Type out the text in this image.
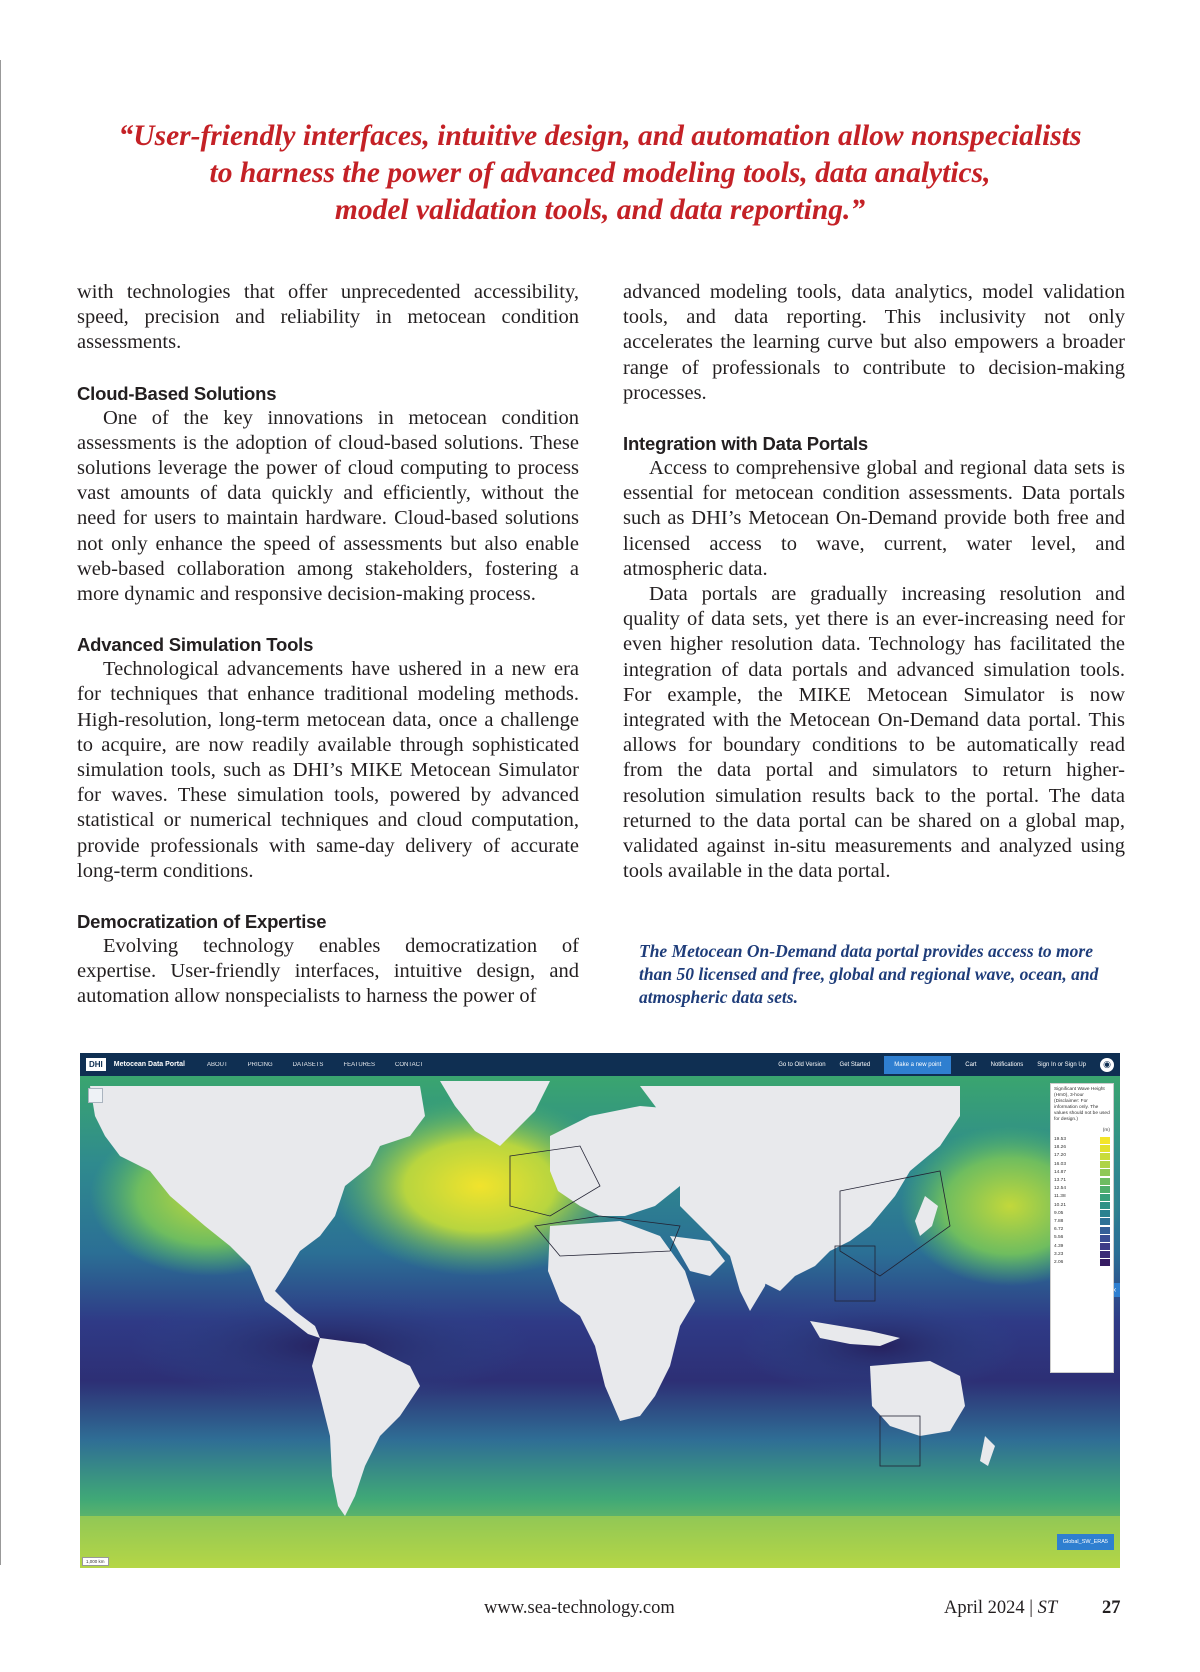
“User-friendly interfaces, intuitive design, and automation allow nonspecialists
to harness the power of advanced modeling tools, data analytics,
model validation tools, and data reporting.”

with technologies that offer unprecedented accessibility, speed, precision and reliability in metocean condition assessments.

Cloud-Based Solutions

One of the key innovations in metocean condition assessments is the adoption of cloud-based solutions. These solutions leverage the power of cloud computing to process vast amounts of data quickly and efficiently, without the need for users to maintain hardware. Cloud-based solutions not only enhance the speed of assessments but also enable web-based collaboration among stakeholders, fostering a more dynamic and responsive decision-making process.

Advanced Simulation Tools

Technological advancements have ushered in a new era for techniques that enhance traditional modeling methods. High-resolution, long-term metocean data, once a challenge to acquire, are now readily available through sophisticated simulation tools, such as DHI’s MIKE Metocean Simulator for waves. These simulation tools, powered by advanced statistical or numerical techniques and cloud computation, provide professionals with same-day delivery of accurate long-term conditions.

Democratization of Expertise

Evolving technology enables democratization of expertise. User-friendly interfaces, intuitive design, and automation allow nonspecialists to harness the power of

advanced modeling tools, data analytics, model validation tools, and data reporting. This inclusivity not only accelerates the learning curve but also empowers a broader range of professionals to contribute to decision-making processes.

Integration with Data Portals

Access to comprehensive global and regional data sets is essential for metocean condition assessments. Data portals such as DHI’s Metocean On-Demand provide both free and licensed access to wave, current, water level, and atmospheric data.

Data portals are gradually increasing resolution and quality of data sets, yet there is an ever-increasing need for even higher resolution data. Technology has facilitated the integration of data portals and advanced simulation tools. For example, the MIKE Metocean Simulator is now integrated with the Metocean On-Demand data portal. This allows for boundary conditions to be automatically read from the data portal and simulators to return higher-resolution simulation results back to the portal. The data returned to the data portal can be shared on a global map, validated against in-situ measurements and analyzed using tools available in the data portal.

The Metocean On-Demand data portal provides access to more than 50 licensed and free, global and regional wave, ocean, and atmospheric data sets.
DHI	Metocean Data Portal	ABOUT	PRICING	DATASETS	FEATURES	CONTACT	Go to Old Version Get Started	Make a new point	Cart Notifications Sign In or Sign Up	◉
‹
Significant Wave Height (Hm0), 3-hour (Disclaimer: For information only. The values should not be used for design.)
(m)
19.53
18.26
17.20
16.03
14.87
13.71
12.54
11.38
10.21
9.05
7.88
6.72
5.56
4.39
3.23
2.06
Global_SW_ERA5
1,000 km
www.sea-technology.com	April 2024 | ST 27
